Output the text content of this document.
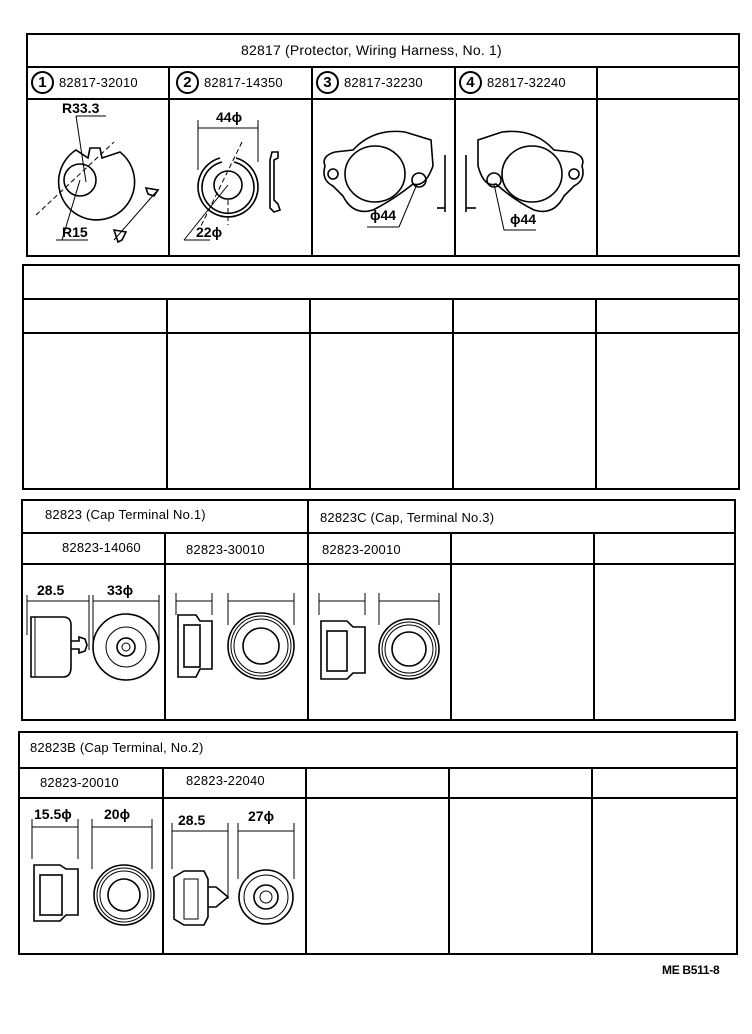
82817 (Protector, Wiring Harness, No. 1)
1 82817-32010	2 82817-14350	3 82817-32230	4 82817-32240
R33.3
R15
44ϕ
22ϕ
ϕ44	ϕ44
82823 (Cap Terminal No.1)	82823C (Cap, Terminal No.3)
82823-14060	82823-30010	82823-20010
28.5	33ϕ
82823B (Cap Terminal, No.2)
82823-20010	82823-22040
15.5ϕ 20ϕ	28.5	27ϕ
ME B511-8
